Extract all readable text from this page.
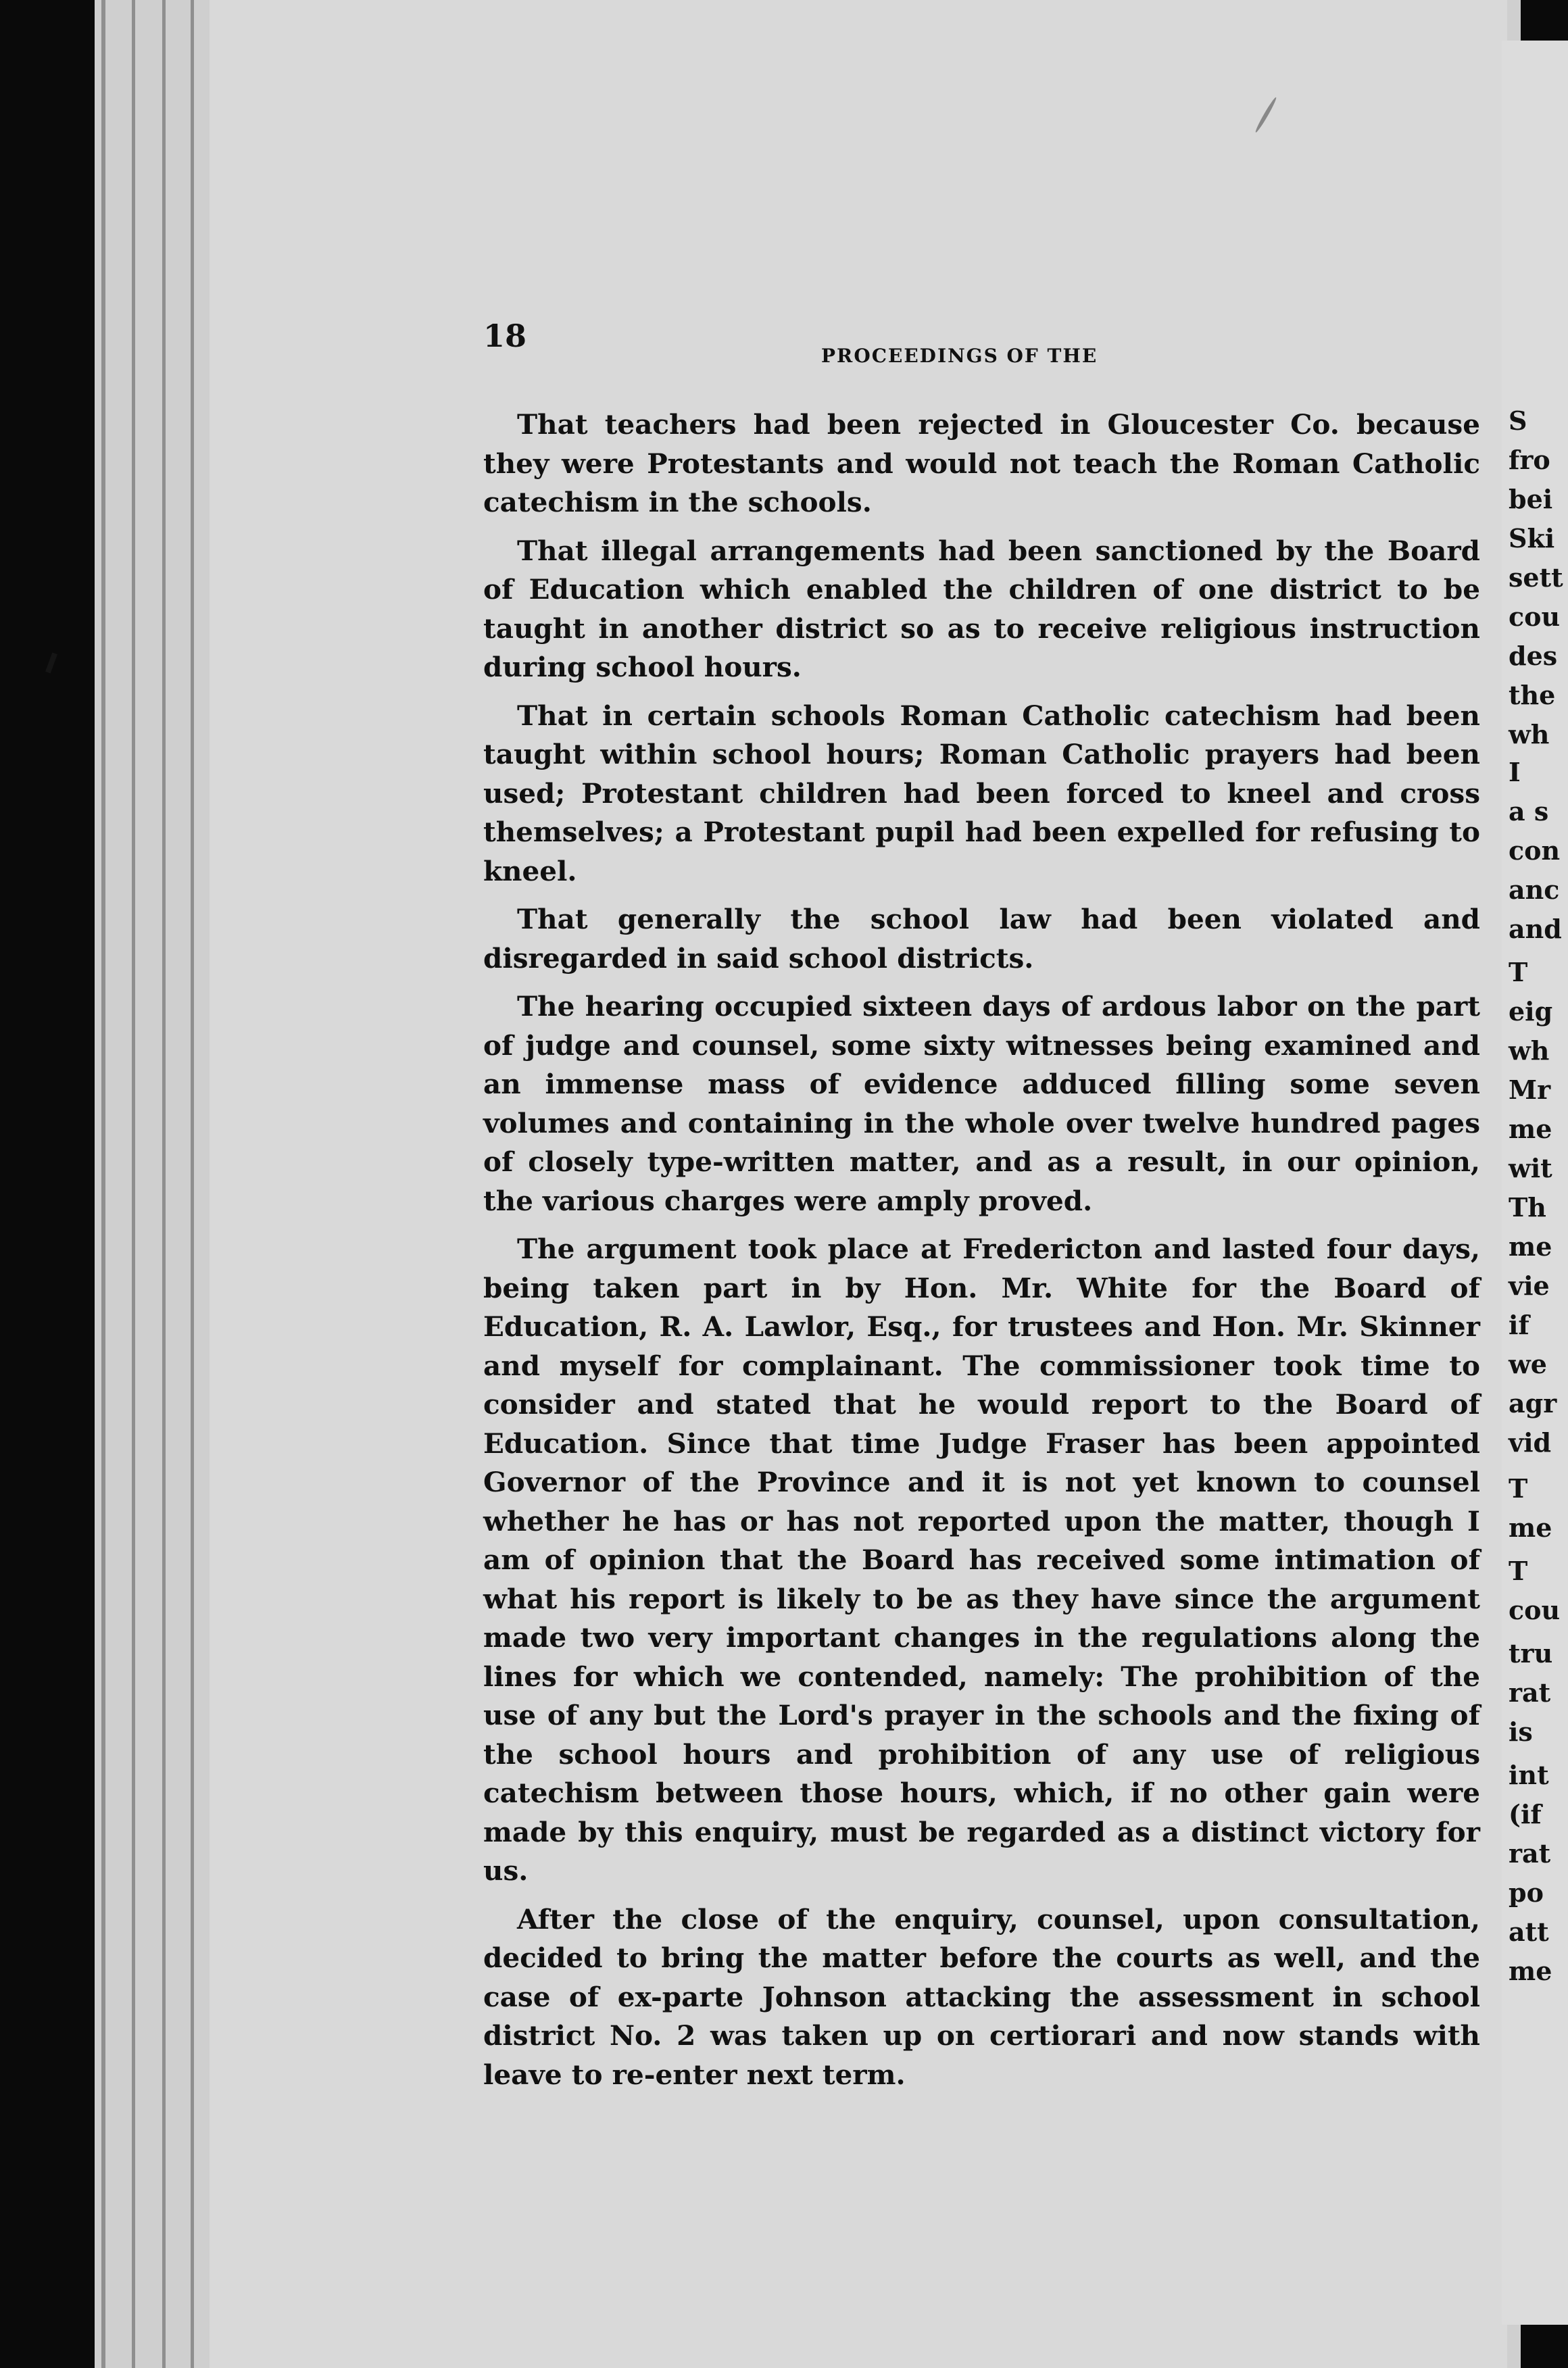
18
PROCEEDINGS OF THE

That teachers had been rejected in Gloucester Co. because they were Protestants and would not teach the Roman Catholic catechism in the schools.

That illegal arrangements had been sanctioned by the Board of Education which enabled the children of one district to be taught in another district so as to receive religious instruction during school hours.

That in certain schools Roman Catholic catechism had been taught within school hours; Roman Catholic prayers had been used; Protestant children had been forced to kneel and cross themselves; a Protestant pupil had been expelled for refusing to kneel.

That generally the school law had been violated and disregarded in said school districts.

The hearing occupied sixteen days of ardous labor on the part of judge and counsel, some sixty witnesses being examined and an immense mass of evidence adduced filling some seven volumes and containing in the whole over twelve hundred pages of closely type-written matter, and as a result, in our opinion, the various charges were amply proved.

The argument took place at Fredericton and lasted four days, being taken part in by Hon. Mr. White for the Board of Education, R. A. Lawlor, Esq., for trustees and Hon. Mr. Skinner and myself for complainant. The commissioner took time to consider and stated that he would report to the Board of Education. Since that time Judge Fraser has been appointed Governor of the Province and it is not yet known to counsel whether he has or has not reported upon the matter, though I am of opinion that the Board has received some intimation of what his report is likely to be as they have since the argument made two very important changes in the regulations along the lines for which we contended, namely: The prohibition of the use of any but the Lord's prayer in the schools and the fixing of the school hours and prohibition of any use of religious catechism between those hours, which, if no other gain were made by this enquiry, must be regarded as a distinct victory for us.

After the close of the enquiry, counsel, upon consultation, decided to bring the matter before the courts as well, and the case of ex-parte Johnson attacking the assessment in school district No. 2 was taken up on certiorari and now stands with leave to re-enter next term.

S
fro
bei
Ski
sett
cou
des
the
wh
I
a s
con
anc
and
T
eig
wh
Mr
me
wit
Th
me
vie
if
we
agr
vid
T
me
T
cou
tru
rat
is
int
(if
rat
po
att
me
